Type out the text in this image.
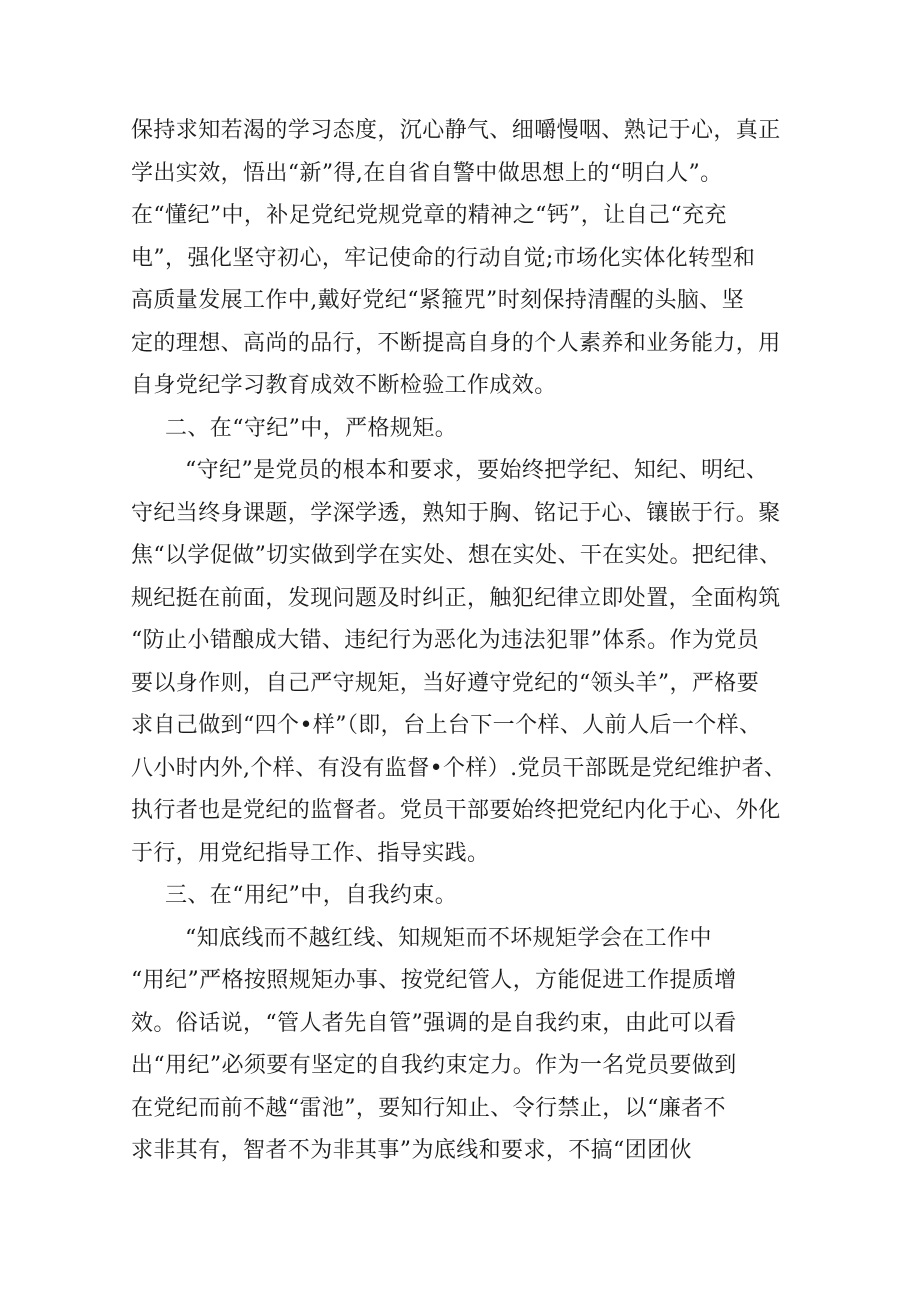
保持求知若渴的学习态度，沉心静气、细嚼慢咽、熟记于心，真正
学出实效，悟出“新”得,在自省自警中做思想上的“明白人”。
在“懂纪”中，补足党纪党规党章的精神之“钙”，让自己“充充
电”，强化坚守初心，牢记使命的行动自觉;市场化实体化转型和
高质量发展工作中,戴好党纪“紧箍咒”时刻保持清醒的头脑、坚
定的理想、高尚的品行，不断提高自身的个人素养和业务能力，用
自身党纪学习教育成效不断检验工作成效。
二、在“守纪”中，严格规矩。
“守纪”是党员的根本和要求，要始终把学纪、知纪、明纪、
守纪当终身课题，学深学透，熟知于胸、铭记于心、镶嵌于行。聚
焦“以学促做”切实做到学在实处、想在实处、干在实处。把纪律、
规纪挺在前面，发现问题及时纠正，触犯纪律立即处置，全面构筑
“防止小错酿成大错、违纪行为恶化为违法犯罪”体系。作为党员
要以身作则，自己严守规矩，当好遵守党纪的“领头羊”，严格要
求自己做到“四个•样”（即，台上台下一个样、人前人后一个样、
八小时内外,个样、有没有监督•个样）.党员干部既是党纪维护者、
执行者也是党纪的监督者。党员干部要始终把党纪内化于心、外化
于行，用党纪指导工作、指导实践。
三、在“用纪”中，自我约束。
“知底线而不越红线、知规矩而不坏规矩学会在工作中
“用纪”严格按照规矩办事、按党纪管人，方能促进工作提质增
效。俗话说，“管人者先自管”强调的是自我约束，由此可以看
出“用纪”必须要有坚定的自我约束定力。作为一名党员要做到
在党纪而前不越“雷池”，要知行知止、令行禁止，以“廉者不
求非其有，智者不为非其事”为底线和要求，不搞“团团伙
